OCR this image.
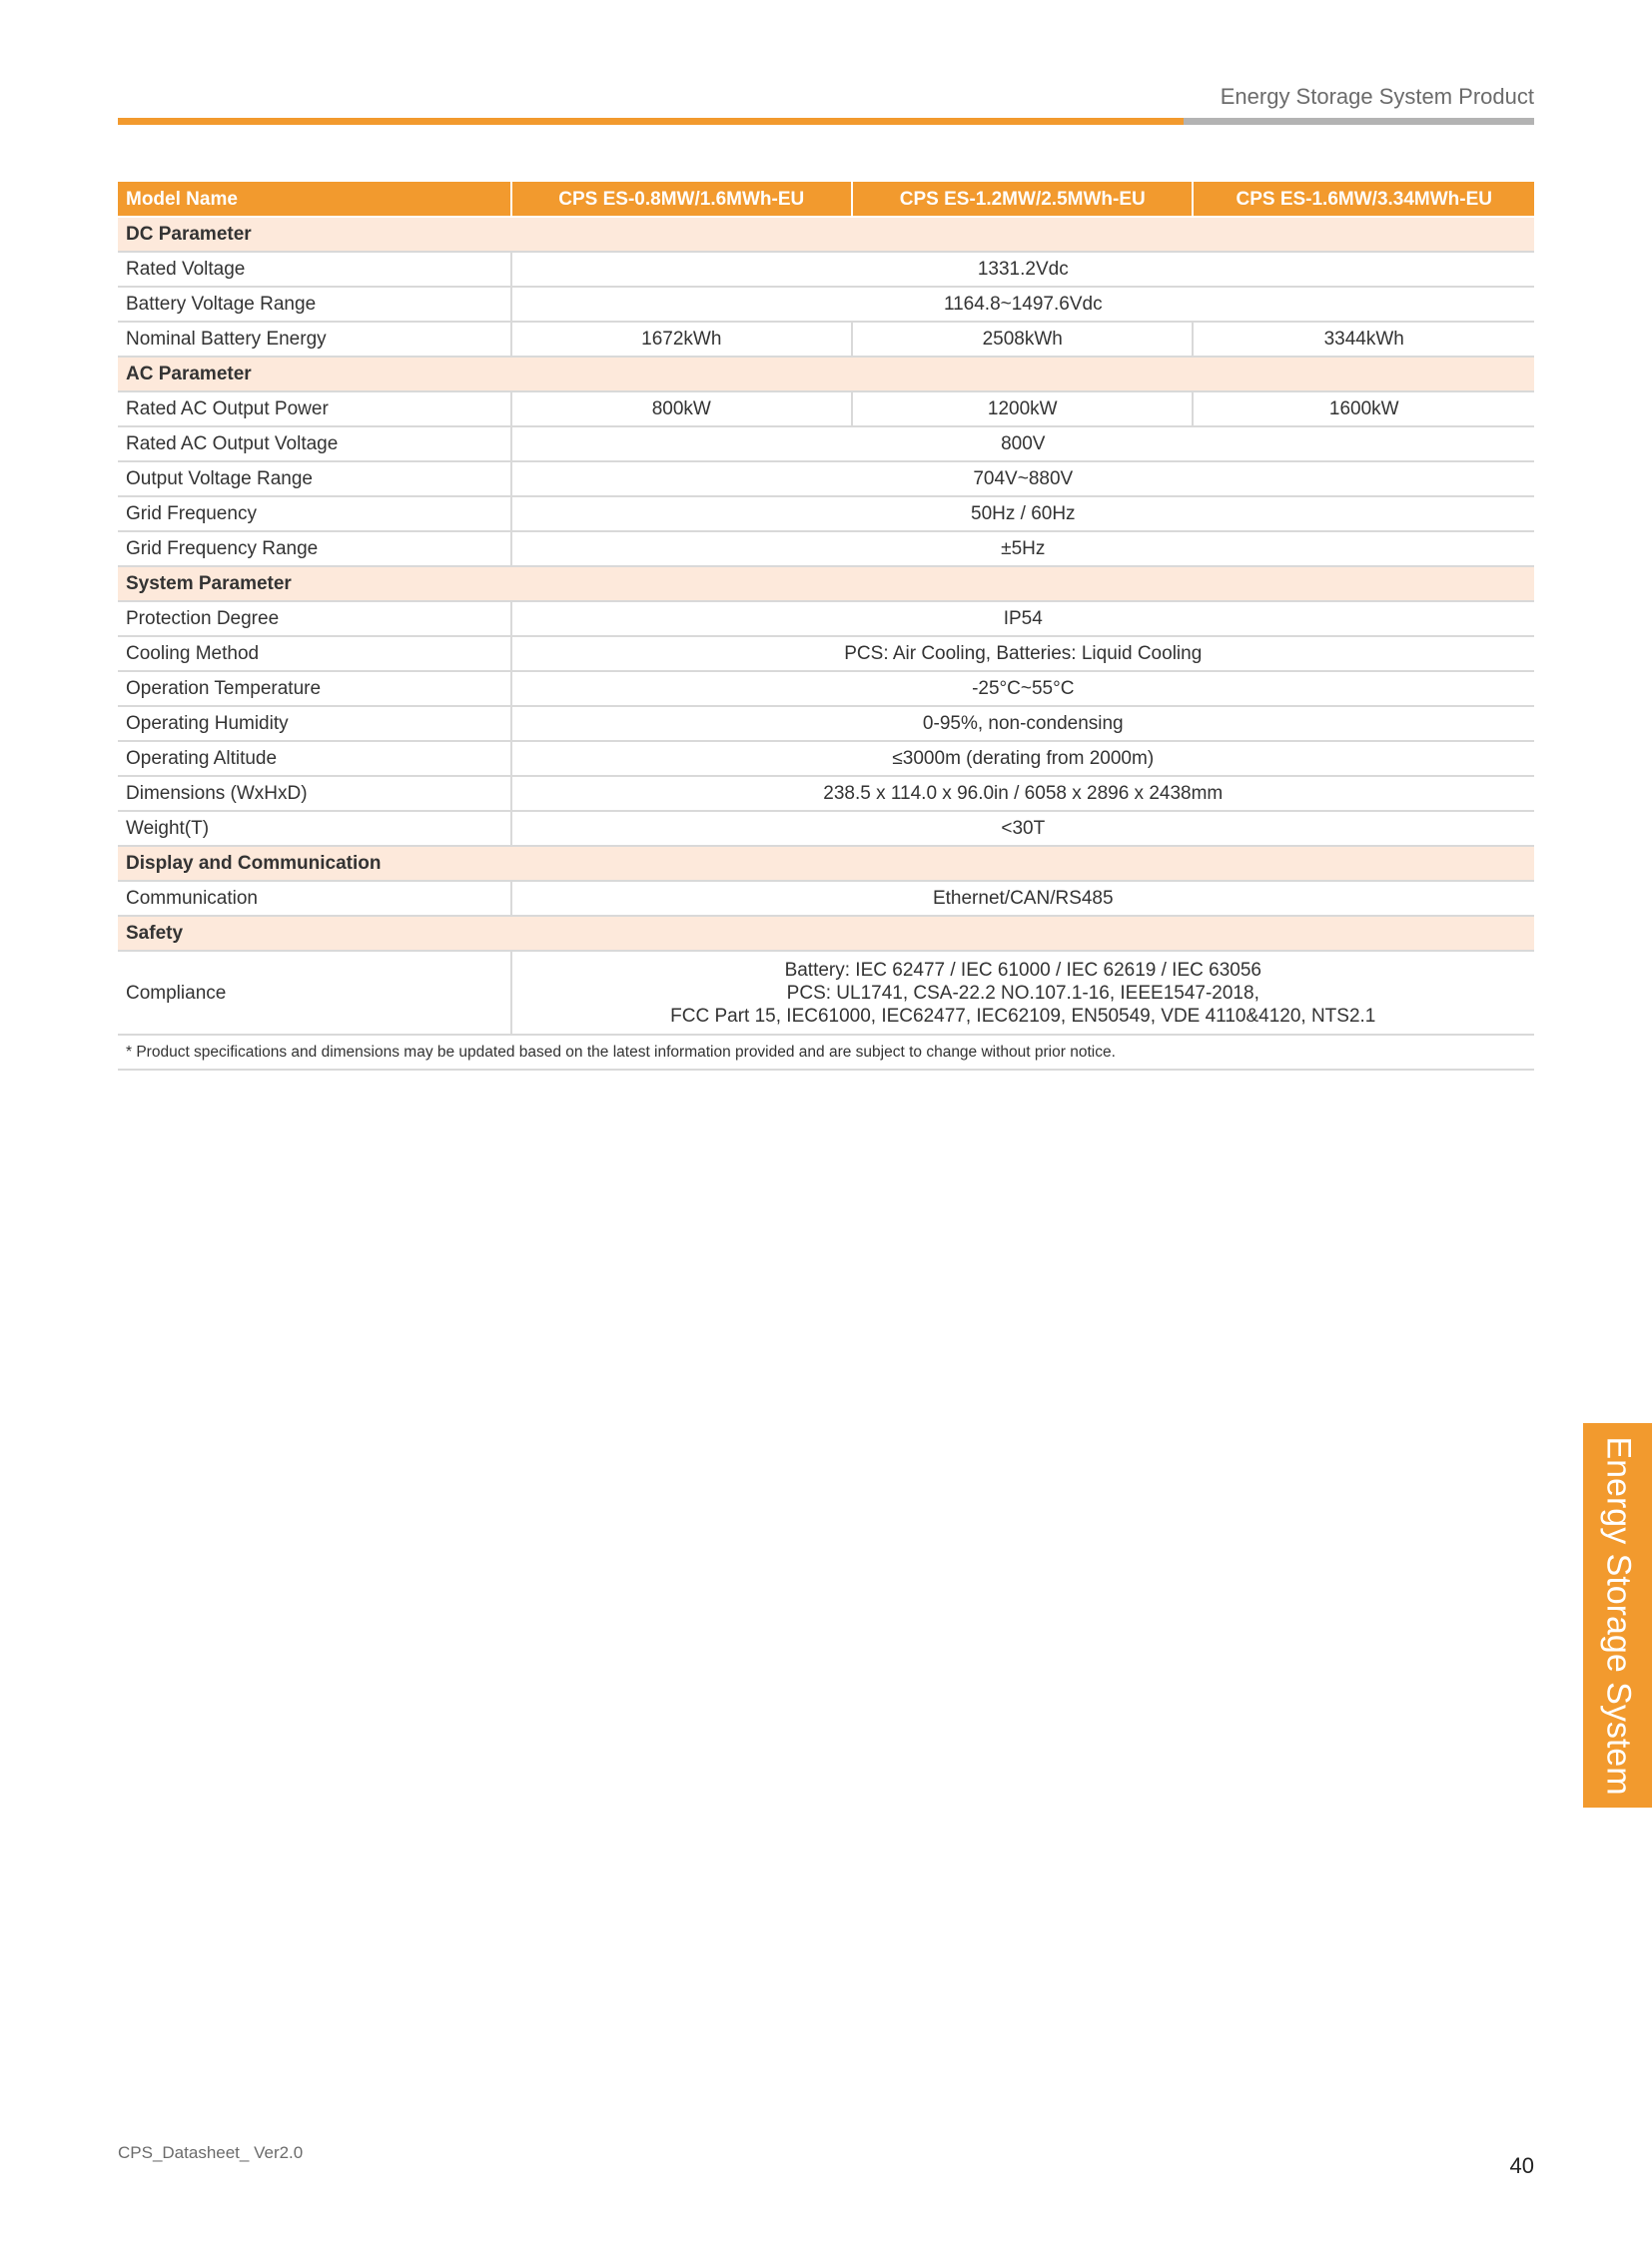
Energy Storage System Product
Model Name	CPS ES-0.8MW/1.6MWh-EU	CPS ES-1.2MW/2.5MWh-EU	CPS ES-1.6MW/3.34MWh-EU
DC Parameter			
Rated Voltage	1331.2Vdc		
Battery Voltage Range	1164.8~1497.6Vdc		
Nominal Battery Energy	1672kWh	2508kWh	3344kWh
AC Parameter			
Rated AC Output Power	800kW	1200kW	1600kW
Rated AC Output Voltage	800V		
Output Voltage Range	704V~880V		
Grid Frequency	50Hz / 60Hz		
Grid Frequency Range	±5Hz		
System Parameter			
Protection Degree	IP54		
Cooling Method	PCS: Air Cooling, Batteries: Liquid Cooling		
Operation Temperature	-25°C~55°C		
Operating Humidity	0-95%, non-condensing		
Operating Altitude	≤3000m (derating from 2000m)		
Dimensions (WxHxD)	238.5 x 114.0 x 96.0in / 6058 x 2896 x 2438mm		
Weight(T)	<30T		
Display and Communication			
Communication	Ethernet/CAN/RS485		
Safety			
Compliance	Battery: IEC 62477 / IEC 61000 / IEC 62619 / IEC 63056
PCS: UL1741, CSA-22.2 NO.107.1-16, IEEE1547-2018,
FCC Part 15, IEC61000, IEC62477, IEC62109, EN50549, VDE 4110&4120, NTS2.1		

* Product specifications and dimensions may be updated based on the latest information provided and are subject to change without prior notice.			
Energy Storage System
CPS_Datasheet_ Ver2.0
40
